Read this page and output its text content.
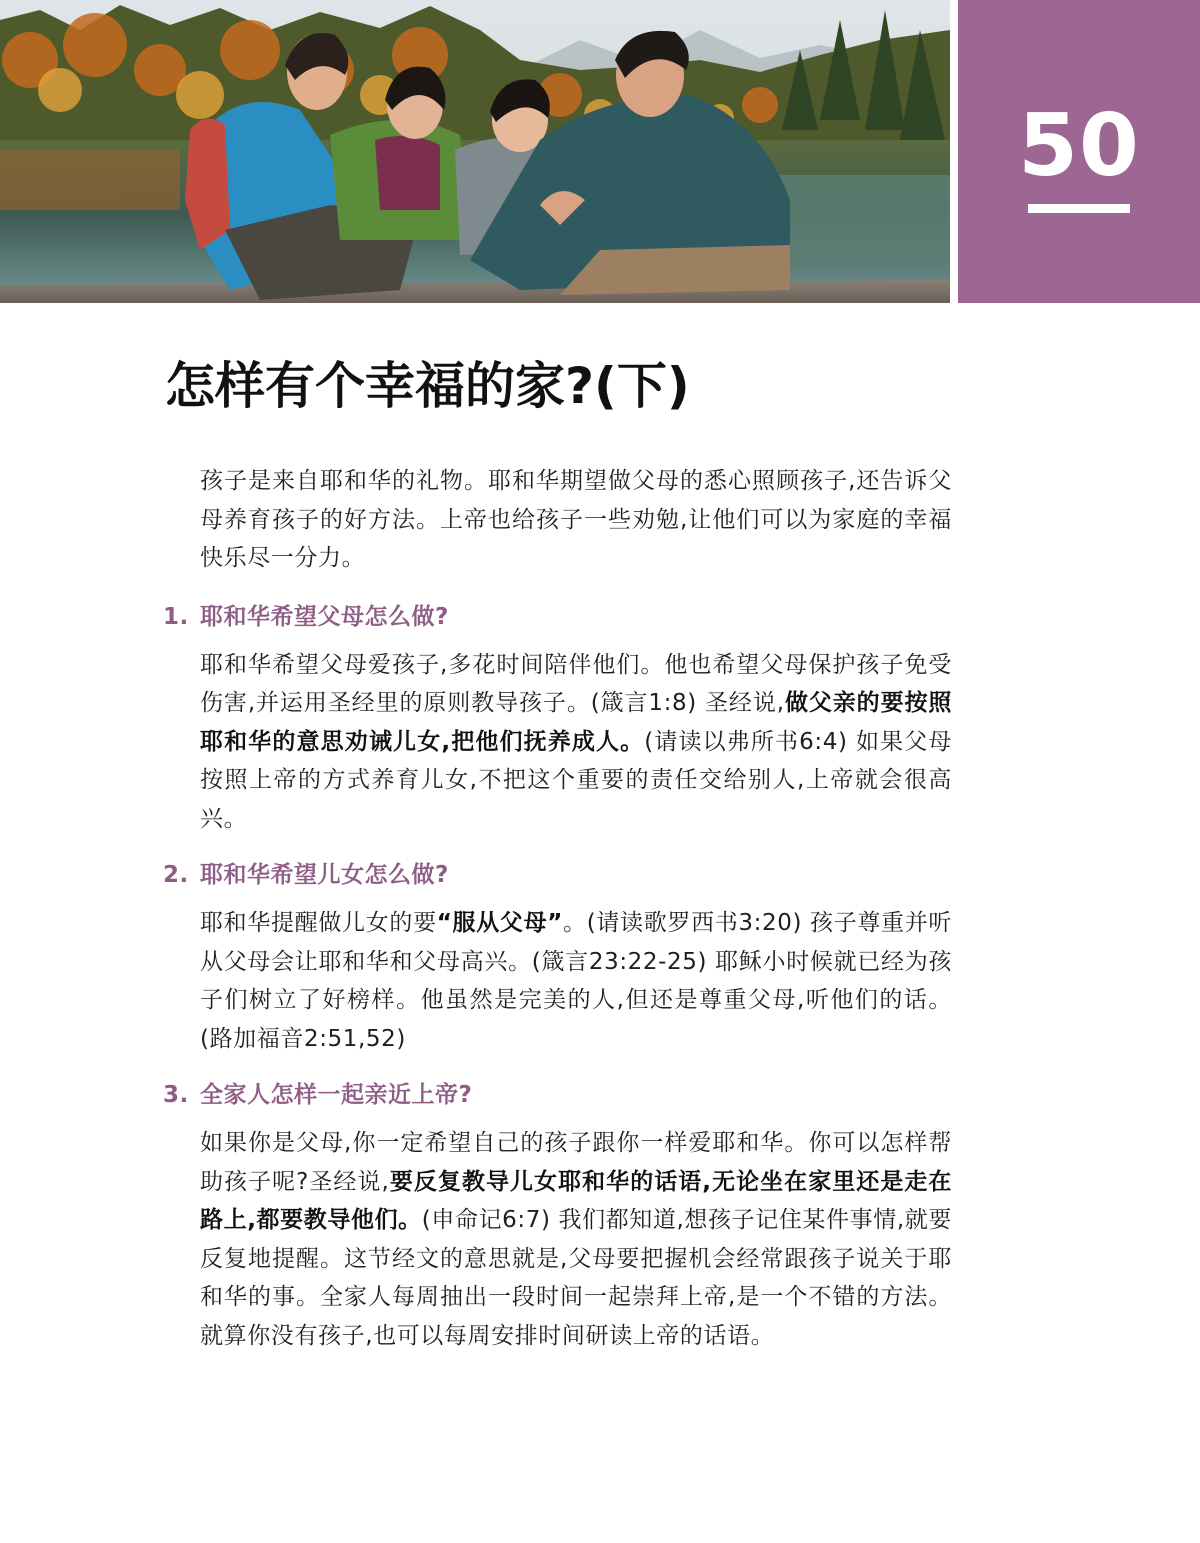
50
怎样有个幸福的家?(下)

孩子是来自耶和华的礼物。耶和华期望做父母的悉心照顾孩子,还告诉父母养育孩子的好方法。上帝也给孩子一些劝勉,让他们可以为家庭的幸福快乐尽一分力。

1. 耶和华希望父母怎么做?

耶和华希望父母爱孩子,多花时间陪伴他们。他也希望父母保护孩子免受伤害,并运用圣经里的原则教导孩子。(箴言1:8) 圣经说,做父亲的要按照耶和华的意思劝诫儿女,把他们抚养成人。(请读以弗所书6:4) 如果父母按照上帝的方式养育儿女,不把这个重要的责任交给别人,上帝就会很高兴。

2. 耶和华希望儿女怎么做?

耶和华提醒做儿女的要“服从父母”。(请读歌罗西书3:20) 孩子尊重并听从父母会让耶和华和父母高兴。(箴言23:22-25) 耶稣小时候就已经为孩子们树立了好榜样。他虽然是完美的人,但还是尊重父母,听他们的话。(路加福音2:51,52)

3. 全家人怎样一起亲近上帝?

如果你是父母,你一定希望自己的孩子跟你一样爱耶和华。你可以怎样帮助孩子呢?圣经说,要反复教导儿女耶和华的话语,无论坐在家里还是走在路上,都要教导他们。(申命记6:7) 我们都知道,想孩子记住某件事情,就要反复地提醒。这节经文的意思就是,父母要把握机会经常跟孩子说关于耶和华的事。全家人每周抽出一段时间一起崇拜上帝,是一个不错的方法。就算你没有孩子,也可以每周安排时间研读上帝的话语。
